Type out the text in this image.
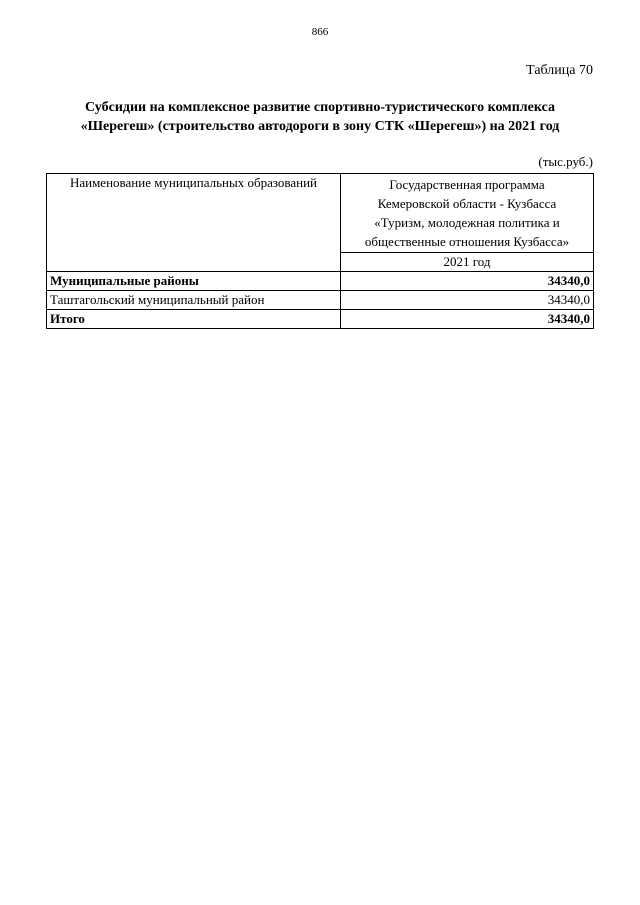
866
Таблица 70
Субсидии на комплексное развитие спортивно-туристического комплекса
«Шерегеш» (строительство автодороги в зону СТК «Шерегеш») на 2021 год
(тыс.руб.)
Наименование муниципальных образований	Государственная программа
Кемеровской области - Кузбасса
«Туризм, молодежная политика и
общественные отношения Кузбасса»

	2021 год
Муниципальные районы	34340,0
Таштагольский муниципальный район	34340,0
Итого	34340,0
